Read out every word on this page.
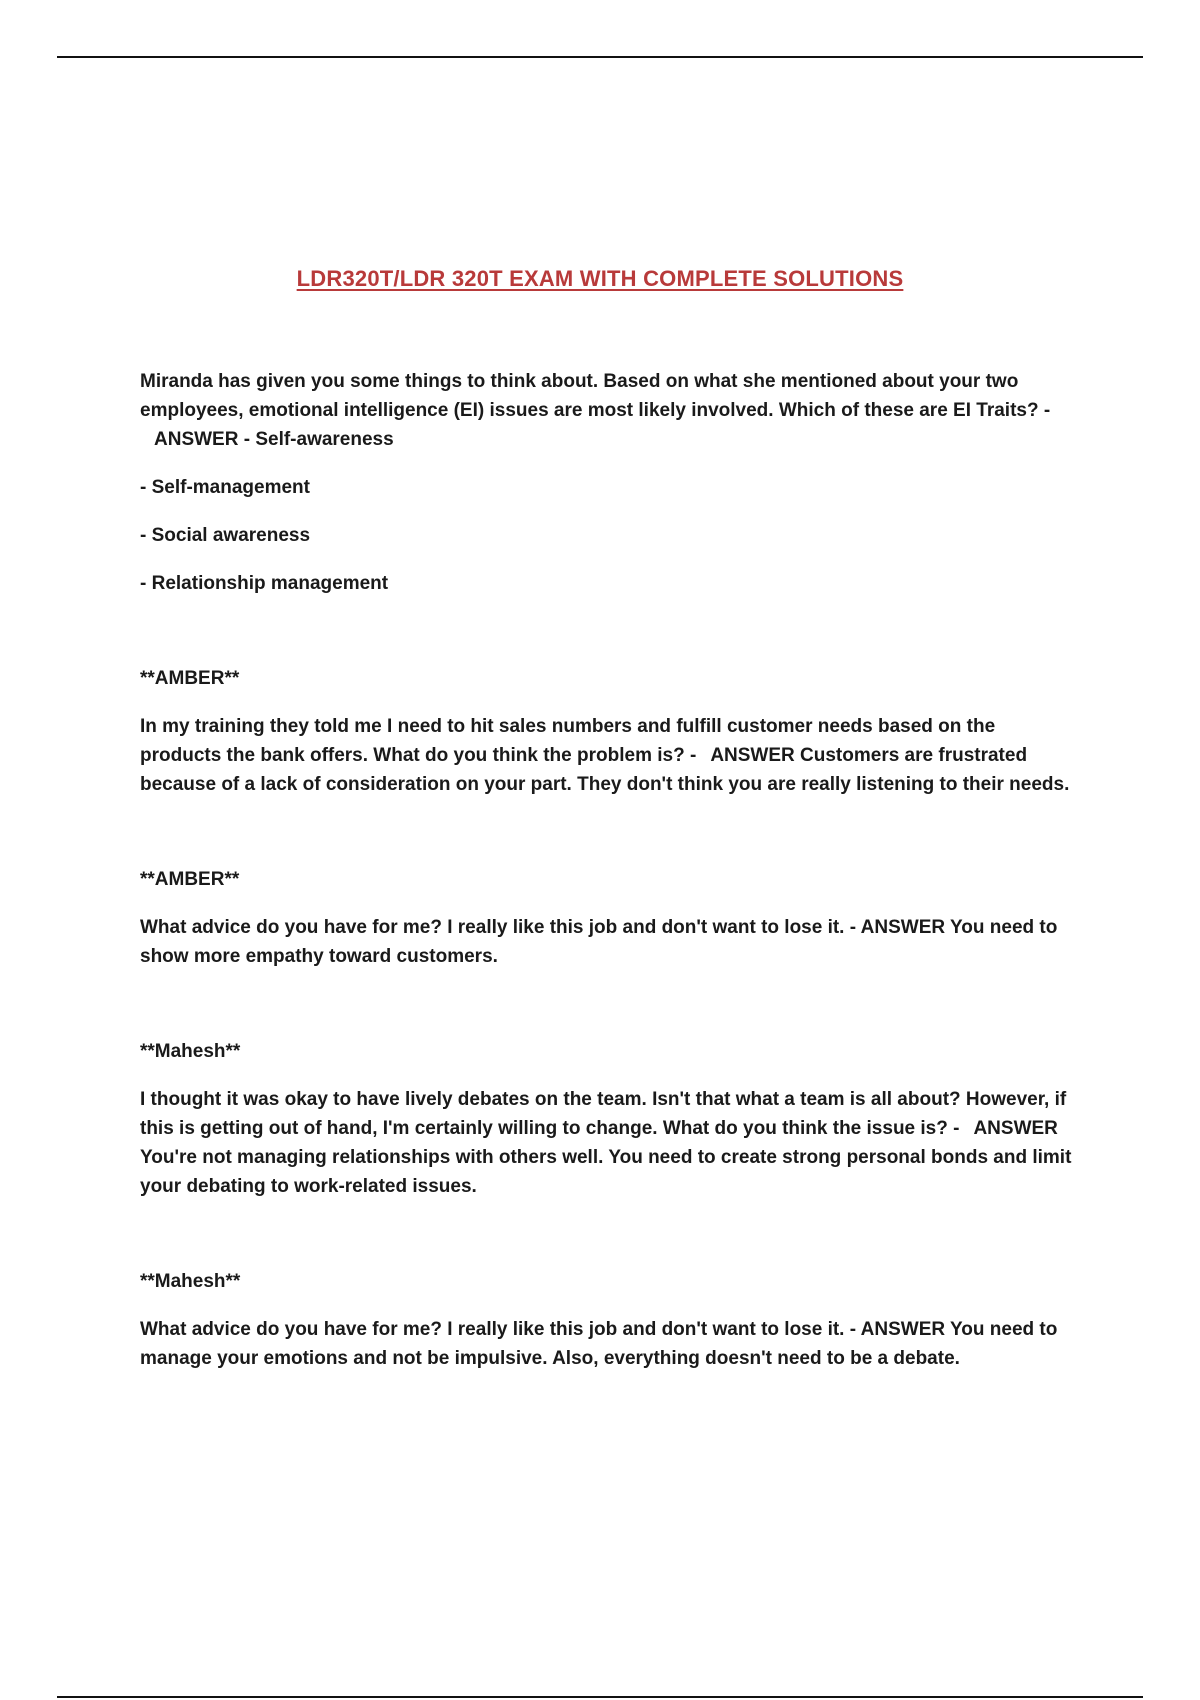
LDR320T/LDR 320T EXAM WITH COMPLETE SOLUTIONS

Miranda has given you some things to think about. Based on what she mentioned about your two employees, emotional intelligence (EI) issues are most likely involved. Which of these are EI Traits? -ANSWER - Self-awareness

- Self-management

- Social awareness

- Relationship management

**AMBER**

In my training they told me I need to hit sales numbers and fulfill customer needs based on the products the bank offers. What do you think the problem is? - ANSWER Customers are frustrated because of a lack of consideration on your part. They don't think you are really listening to their needs.

**AMBER**

What advice do you have for me? I really like this job and don't want to lose it. - ANSWER You need to show more empathy toward customers.

**Mahesh**

I thought it was okay to have lively debates on the team. Isn't that what a team is all about? However, if this is getting out of hand, I'm certainly willing to change. What do you think the issue is? - ANSWER You're not managing relationships with others well. You need to create strong personal bonds and limit your debating to work-related issues.

**Mahesh**

What advice do you have for me? I really like this job and don't want to lose it. - ANSWER You need to manage your emotions and not be impulsive. Also, everything doesn't need to be a debate.
